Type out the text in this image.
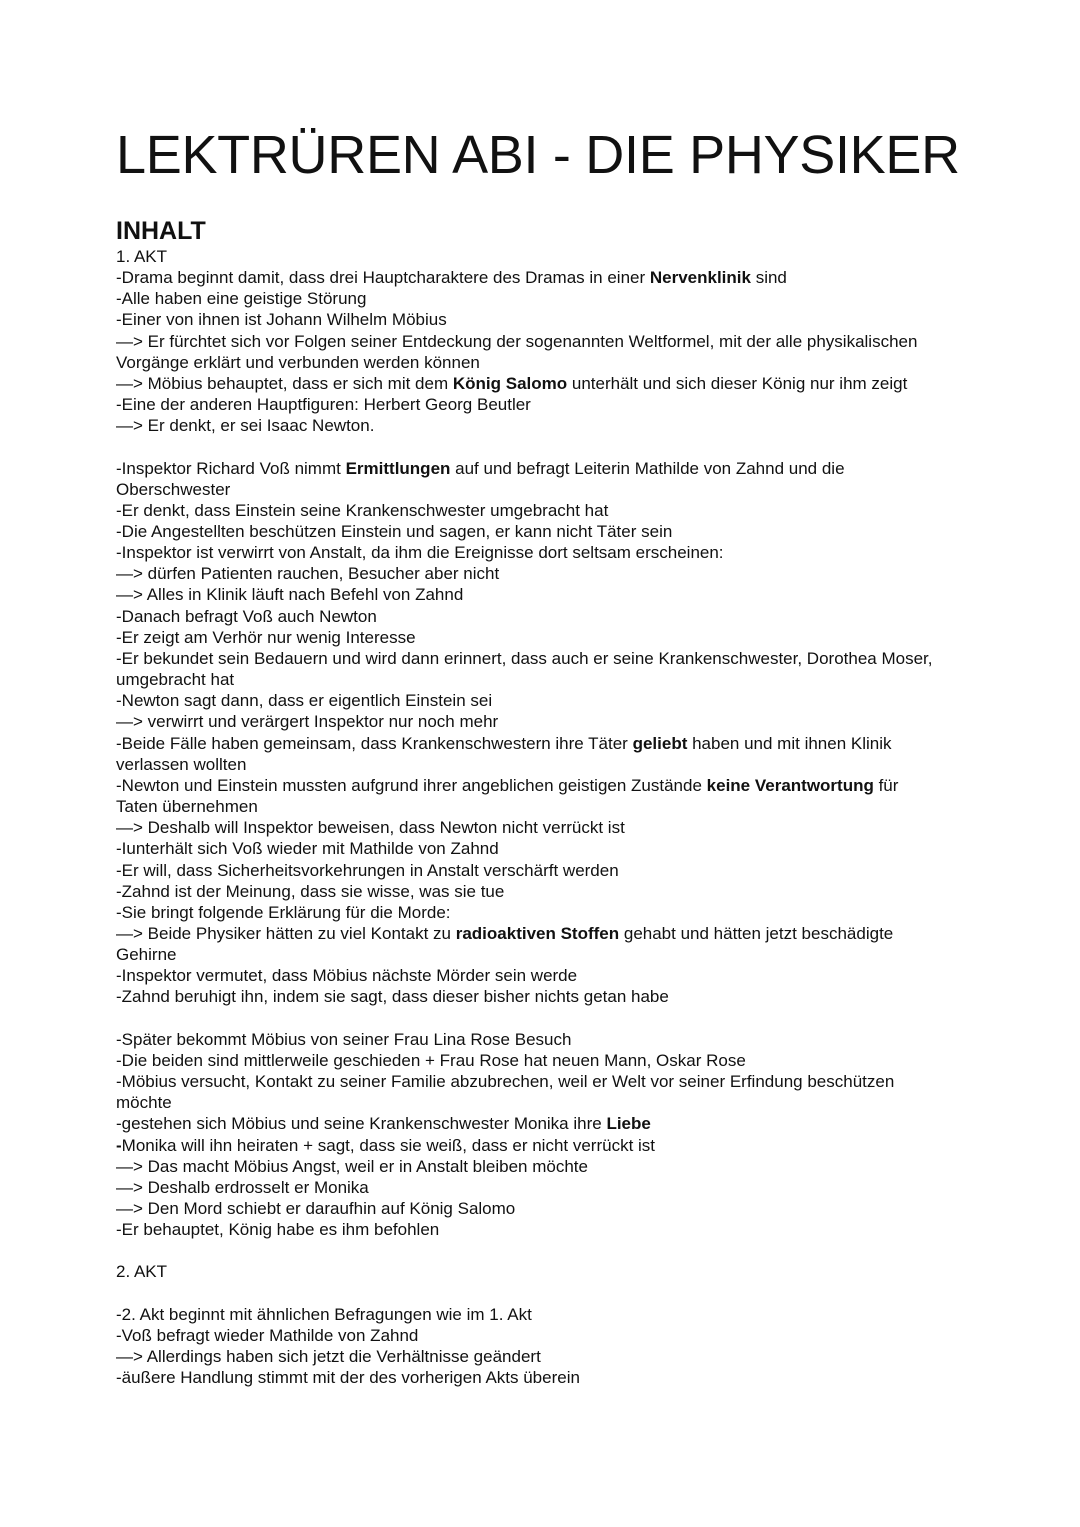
LEKTRÜREN ABI - DIE PHYSIKER
INHALT
1. AKT
-Drama beginnt damit, dass drei Hauptcharaktere des Dramas in einer Nervenklinik sind
-Alle haben eine geistige Störung
-Einer von ihnen ist Johann Wilhelm Möbius
—> Er fürchtet sich vor Folgen seiner Entdeckung der sogenannten Weltformel, mit der alle physikalischen
Vorgänge erklärt und verbunden werden können
—> Möbius behauptet, dass er sich mit dem König Salomo unterhält und sich dieser König nur ihm zeigt
-Eine der anderen Hauptfiguren: Herbert Georg Beutler
—> Er denkt, er sei Isaac Newton.
-Inspektor Richard Voß nimmt Ermittlungen auf und befragt Leiterin Mathilde von Zahnd und die
Oberschwester
-Er denkt, dass Einstein seine Krankenschwester umgebracht hat
-Die Angestellten beschützen Einstein und sagen, er kann nicht Täter sein
-Inspektor ist verwirrt von Anstalt, da ihm die Ereignisse dort seltsam erscheinen:
—> dürfen Patienten rauchen, Besucher aber nicht
—> Alles in Klinik läuft nach Befehl von Zahnd
-Danach befragt Voß auch Newton
-Er zeigt am Verhör nur wenig Interesse
-Er bekundet sein Bedauern und wird dann erinnert, dass auch er seine Krankenschwester, Dorothea Moser,
umgebracht hat
-Newton sagt dann, dass er eigentlich Einstein sei
—> verwirrt und verärgert Inspektor nur noch mehr
-Beide Fälle haben gemeinsam, dass Krankenschwestern ihre Täter geliebt haben und mit ihnen Klinik
verlassen wollten
-Newton und Einstein mussten aufgrund ihrer angeblichen geistigen Zustände keine Verantwortung für
Taten übernehmen
—> Deshalb will Inspektor beweisen, dass Newton nicht verrückt ist
-Iunterhält sich Voß wieder mit Mathilde von Zahnd
-Er will, dass Sicherheitsvorkehrungen in Anstalt verschärft werden
-Zahnd ist der Meinung, dass sie wisse, was sie tue
-Sie bringt folgende Erklärung für die Morde:
—> Beide Physiker hätten zu viel Kontakt zu radioaktiven Stoffen gehabt und hätten jetzt beschädigte
Gehirne
-Inspektor vermutet, dass Möbius nächste Mörder sein werde
-Zahnd beruhigt ihn, indem sie sagt, dass dieser bisher nichts getan habe
-Später bekommt Möbius von seiner Frau Lina Rose Besuch
-Die beiden sind mittlerweile geschieden + Frau Rose hat neuen Mann, Oskar Rose
-Möbius versucht, Kontakt zu seiner Familie abzubrechen, weil er Welt vor seiner Erfindung beschützen
möchte
-gestehen sich Möbius und seine Krankenschwester Monika ihre Liebe
-Monika will ihn heiraten + sagt, dass sie weiß, dass er nicht verrückt ist
—> Das macht Möbius Angst, weil er in Anstalt bleiben möchte
—> Deshalb erdrosselt er Monika
—> Den Mord schiebt er daraufhin auf König Salomo
-Er behauptet, König habe es ihm befohlen
2. AKT
-2. Akt beginnt mit ähnlichen Befragungen wie im 1. Akt
-Voß befragt wieder Mathilde von Zahnd
—> Allerdings haben sich jetzt die Verhältnisse geändert
-äußere Handlung stimmt mit der des vorherigen Akts überein
